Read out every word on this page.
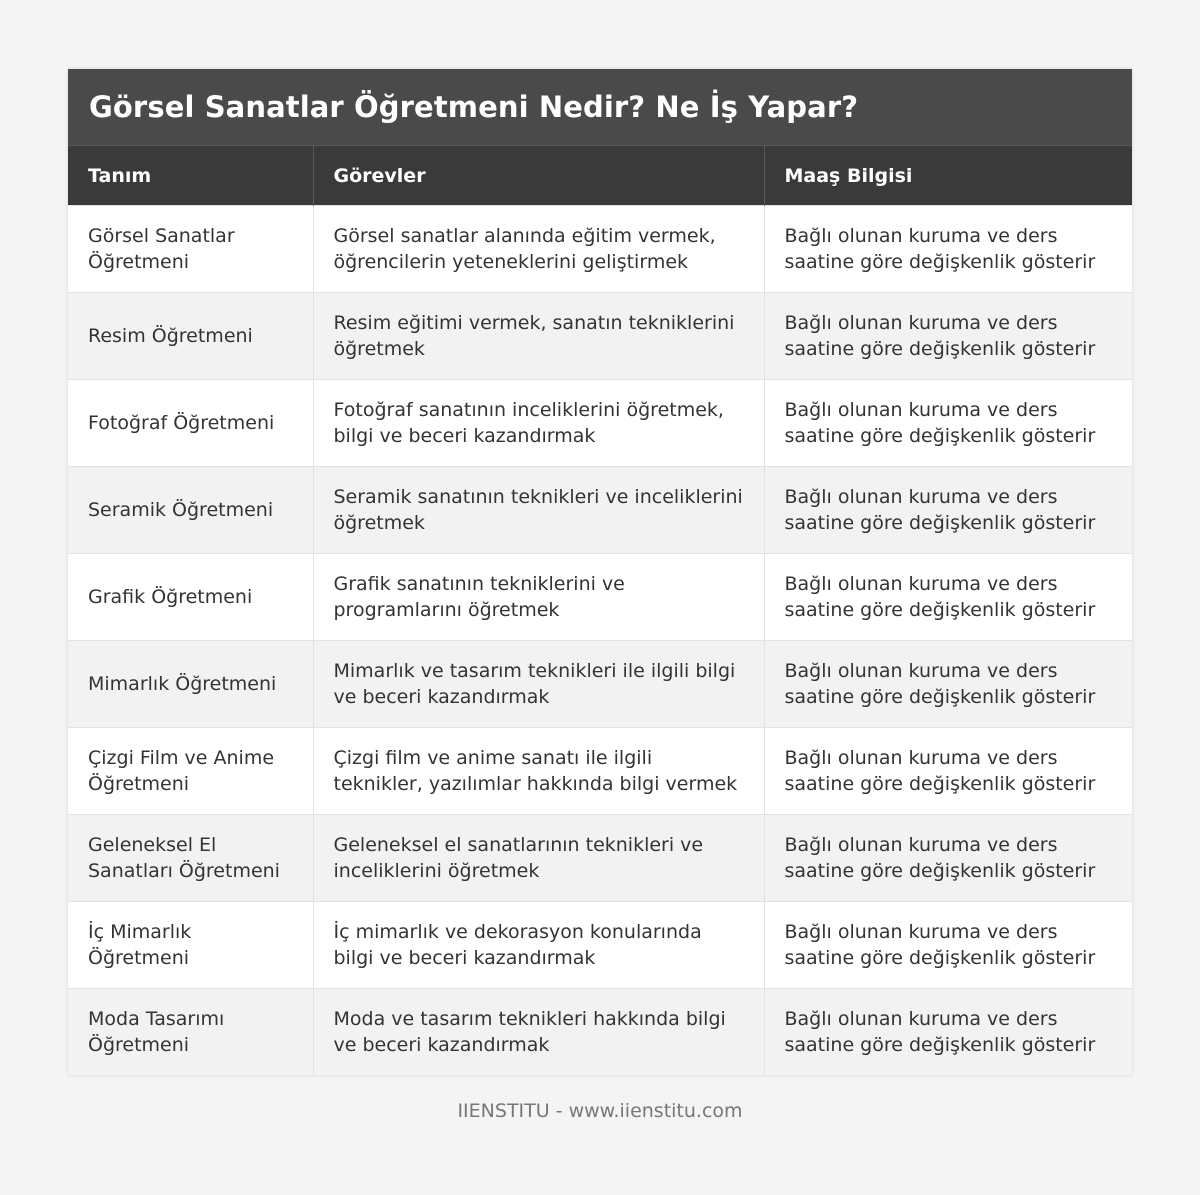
Görsel Sanatlar Öğretmeni Nedir? Ne İş Yapar?
Tanım	Görevler	Maaş Bilgisi
Görsel Sanatlar Öğretmeni	Görsel sanatlar alanında eğitim vermek, öğrencilerin yeteneklerini geliştirmek	Bağlı olunan kuruma ve ders saatine göre değişkenlik gösterir
Resim Öğretmeni	Resim eğitimi vermek, sanatın tekniklerini öğretmek	Bağlı olunan kuruma ve ders saatine göre değişkenlik gösterir
Fotoğraf Öğretmeni	Fotoğraf sanatının inceliklerini öğretmek, bilgi ve beceri kazandırmak	Bağlı olunan kuruma ve ders saatine göre değişkenlik gösterir
Seramik Öğretmeni	Seramik sanatının teknikleri ve inceliklerini öğretmek	Bağlı olunan kuruma ve ders saatine göre değişkenlik gösterir
Grafik Öğretmeni	Grafik sanatının tekniklerini ve programlarını öğretmek	Bağlı olunan kuruma ve ders saatine göre değişkenlik gösterir
Mimarlık Öğretmeni	Mimarlık ve tasarım teknikleri ile ilgili bilgi ve beceri kazandırmak	Bağlı olunan kuruma ve ders saatine göre değişkenlik gösterir
Çizgi Film ve Anime Öğretmeni	Çizgi film ve anime sanatı ile ilgili teknikler, yazılımlar hakkında bilgi vermek	Bağlı olunan kuruma ve ders saatine göre değişkenlik gösterir
Geleneksel El Sanatları Öğretmeni	Geleneksel el sanatlarının teknikleri ve inceliklerini öğretmek	Bağlı olunan kuruma ve ders saatine göre değişkenlik gösterir
İç Mimarlık Öğretmeni	İç mimarlık ve dekorasyon konularında bilgi ve beceri kazandırmak	Bağlı olunan kuruma ve ders saatine göre değişkenlik gösterir
Moda Tasarımı Öğretmeni	Moda ve tasarım teknikleri hakkında bilgi ve beceri kazandırmak	Bağlı olunan kuruma ve ders saatine göre değişkenlik gösterir
IIENSTITU - www.iienstitu.com
